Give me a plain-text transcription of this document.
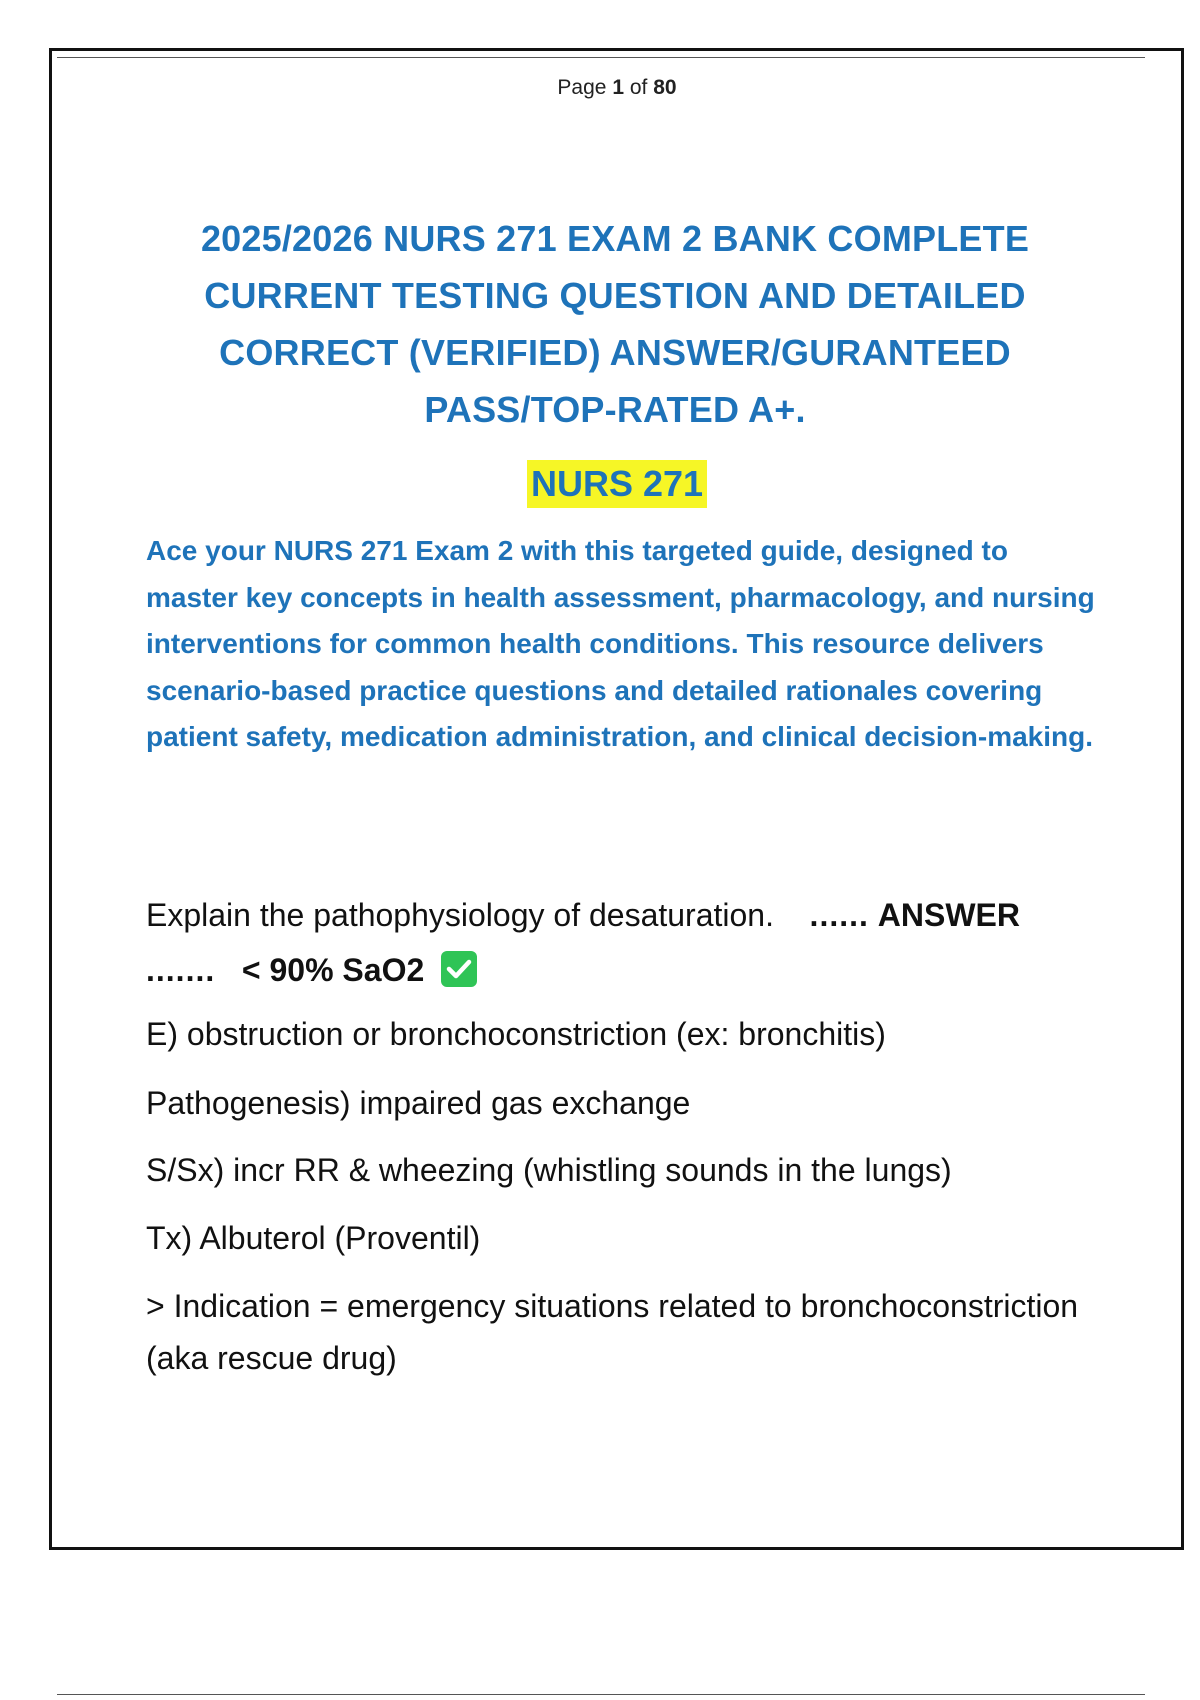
Page 1 of 80
2025/2026 NURS 271 EXAM 2 BANK COMPLETE CURRENT TESTING QUESTION AND DETAILED CORRECT (VERIFIED) ANSWER/GURANTEED PASS/TOP-RATED A+.
NURS 271
Ace your NURS 271 Exam 2 with this targeted guide, designed to master key concepts in health assessment, pharmacology, and nursing interventions for common health conditions. This resource delivers scenario-based practice questions and detailed rationales covering patient safety, medication administration, and clinical decision-making.
Explain the pathophysiology of desaturation. ...... ANSWER
....... < 90% SaO2
E) obstruction or bronchoconstriction (ex: bronchitis)
Pathogenesis) impaired gas exchange
S/Sx) incr RR & wheezing (whistling sounds in the lungs)
Tx) Albuterol (Proventil)
> Indication = emergency situations related to bronchoconstriction (aka rescue drug)
